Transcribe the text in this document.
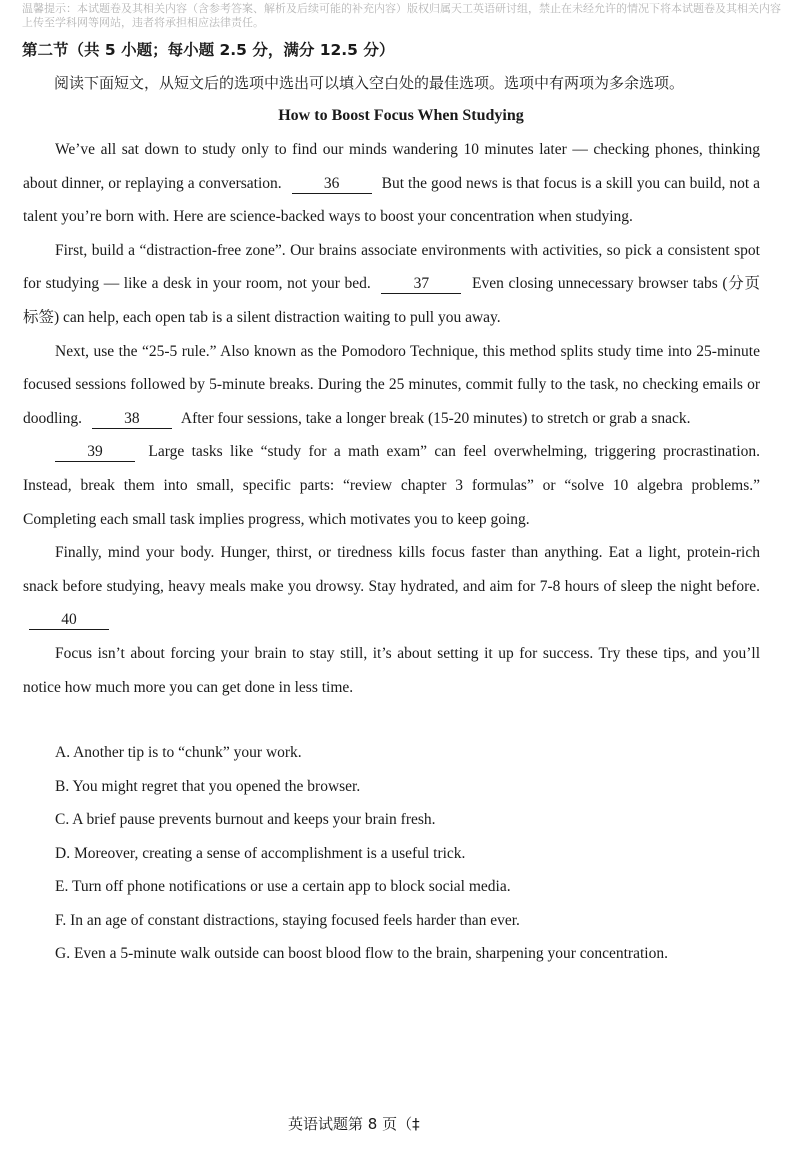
温馨提示：本试题卷及其相关内容（含参考答案、解析及后续可能的补充内容）版权归属天工英语研讨组，禁止在未经允许的情况下将本试题卷及其相关内容上传至学科网等网站，违者将承担相应法律责任。
第二节（共 5 小题；每小题 2.5 分，满分 12.5 分）
阅读下面短文，从短文后的选项中选出可以填入空白处的最佳选项。选项中有两项为多余选项。
How to Boost Focus When Studying

We’ve all sat down to study only to find our minds wandering 10 minutes later — checking phones, thinking about dinner, or replaying a conversation.	36	But the good news is that focus is a skill you can build, not a talent you’re born with. Here are science-backed ways to boost your concentration when studying.

First, build a “distraction-free zone”. Our brains associate environments with activities, so pick a consistent spot for studying — like a desk in your room, not your bed.	37	Even closing unnecessary browser tabs (分页标签) can help, each open tab is a silent distraction waiting to pull you away.

Next, use the “25-5 rule.” Also known as the Pomodoro Technique, this method splits study time into 25-minute focused sessions followed by 5-minute breaks. During the 25 minutes, commit fully to the task, no checking emails or doodling.	38	After four sessions, take a longer break (15-20 minutes) to stretch or grab a snack.

39	Large tasks like “study for a math exam” can feel overwhelming, triggering procrastination. Instead, break them into small, specific parts: “review chapter 3 formulas” or “solve 10 algebra problems.” Completing each small task implies progress, which motivates you to keep going.

Finally, mind your body. Hunger, thirst, or tiredness kills focus faster than anything. Eat a light, protein-rich snack before studying, heavy meals make you drowsy. Stay hydrated, and aim for 7-8 hours of sleep the night before. 40

Focus isn’t about forcing your brain to stay still, it’s about setting it up for success. Try these tips, and you’ll notice how much more you can get done in less time.

A. Another tip is to “chunk” your work.
B. You might regret that you opened the browser.
C. A brief pause prevents burnout and keeps your brain fresh.
D. Moreover, creating a sense of accomplishment is a useful trick.
E. Turn off phone notifications or use a certain app to block social media.
F. In an age of constant distractions, staying focused feels harder than ever.
G. Even a 5-minute walk outside can boost blood flow to the brain, sharpening your concentration.
英语试题第 8 页（‡
